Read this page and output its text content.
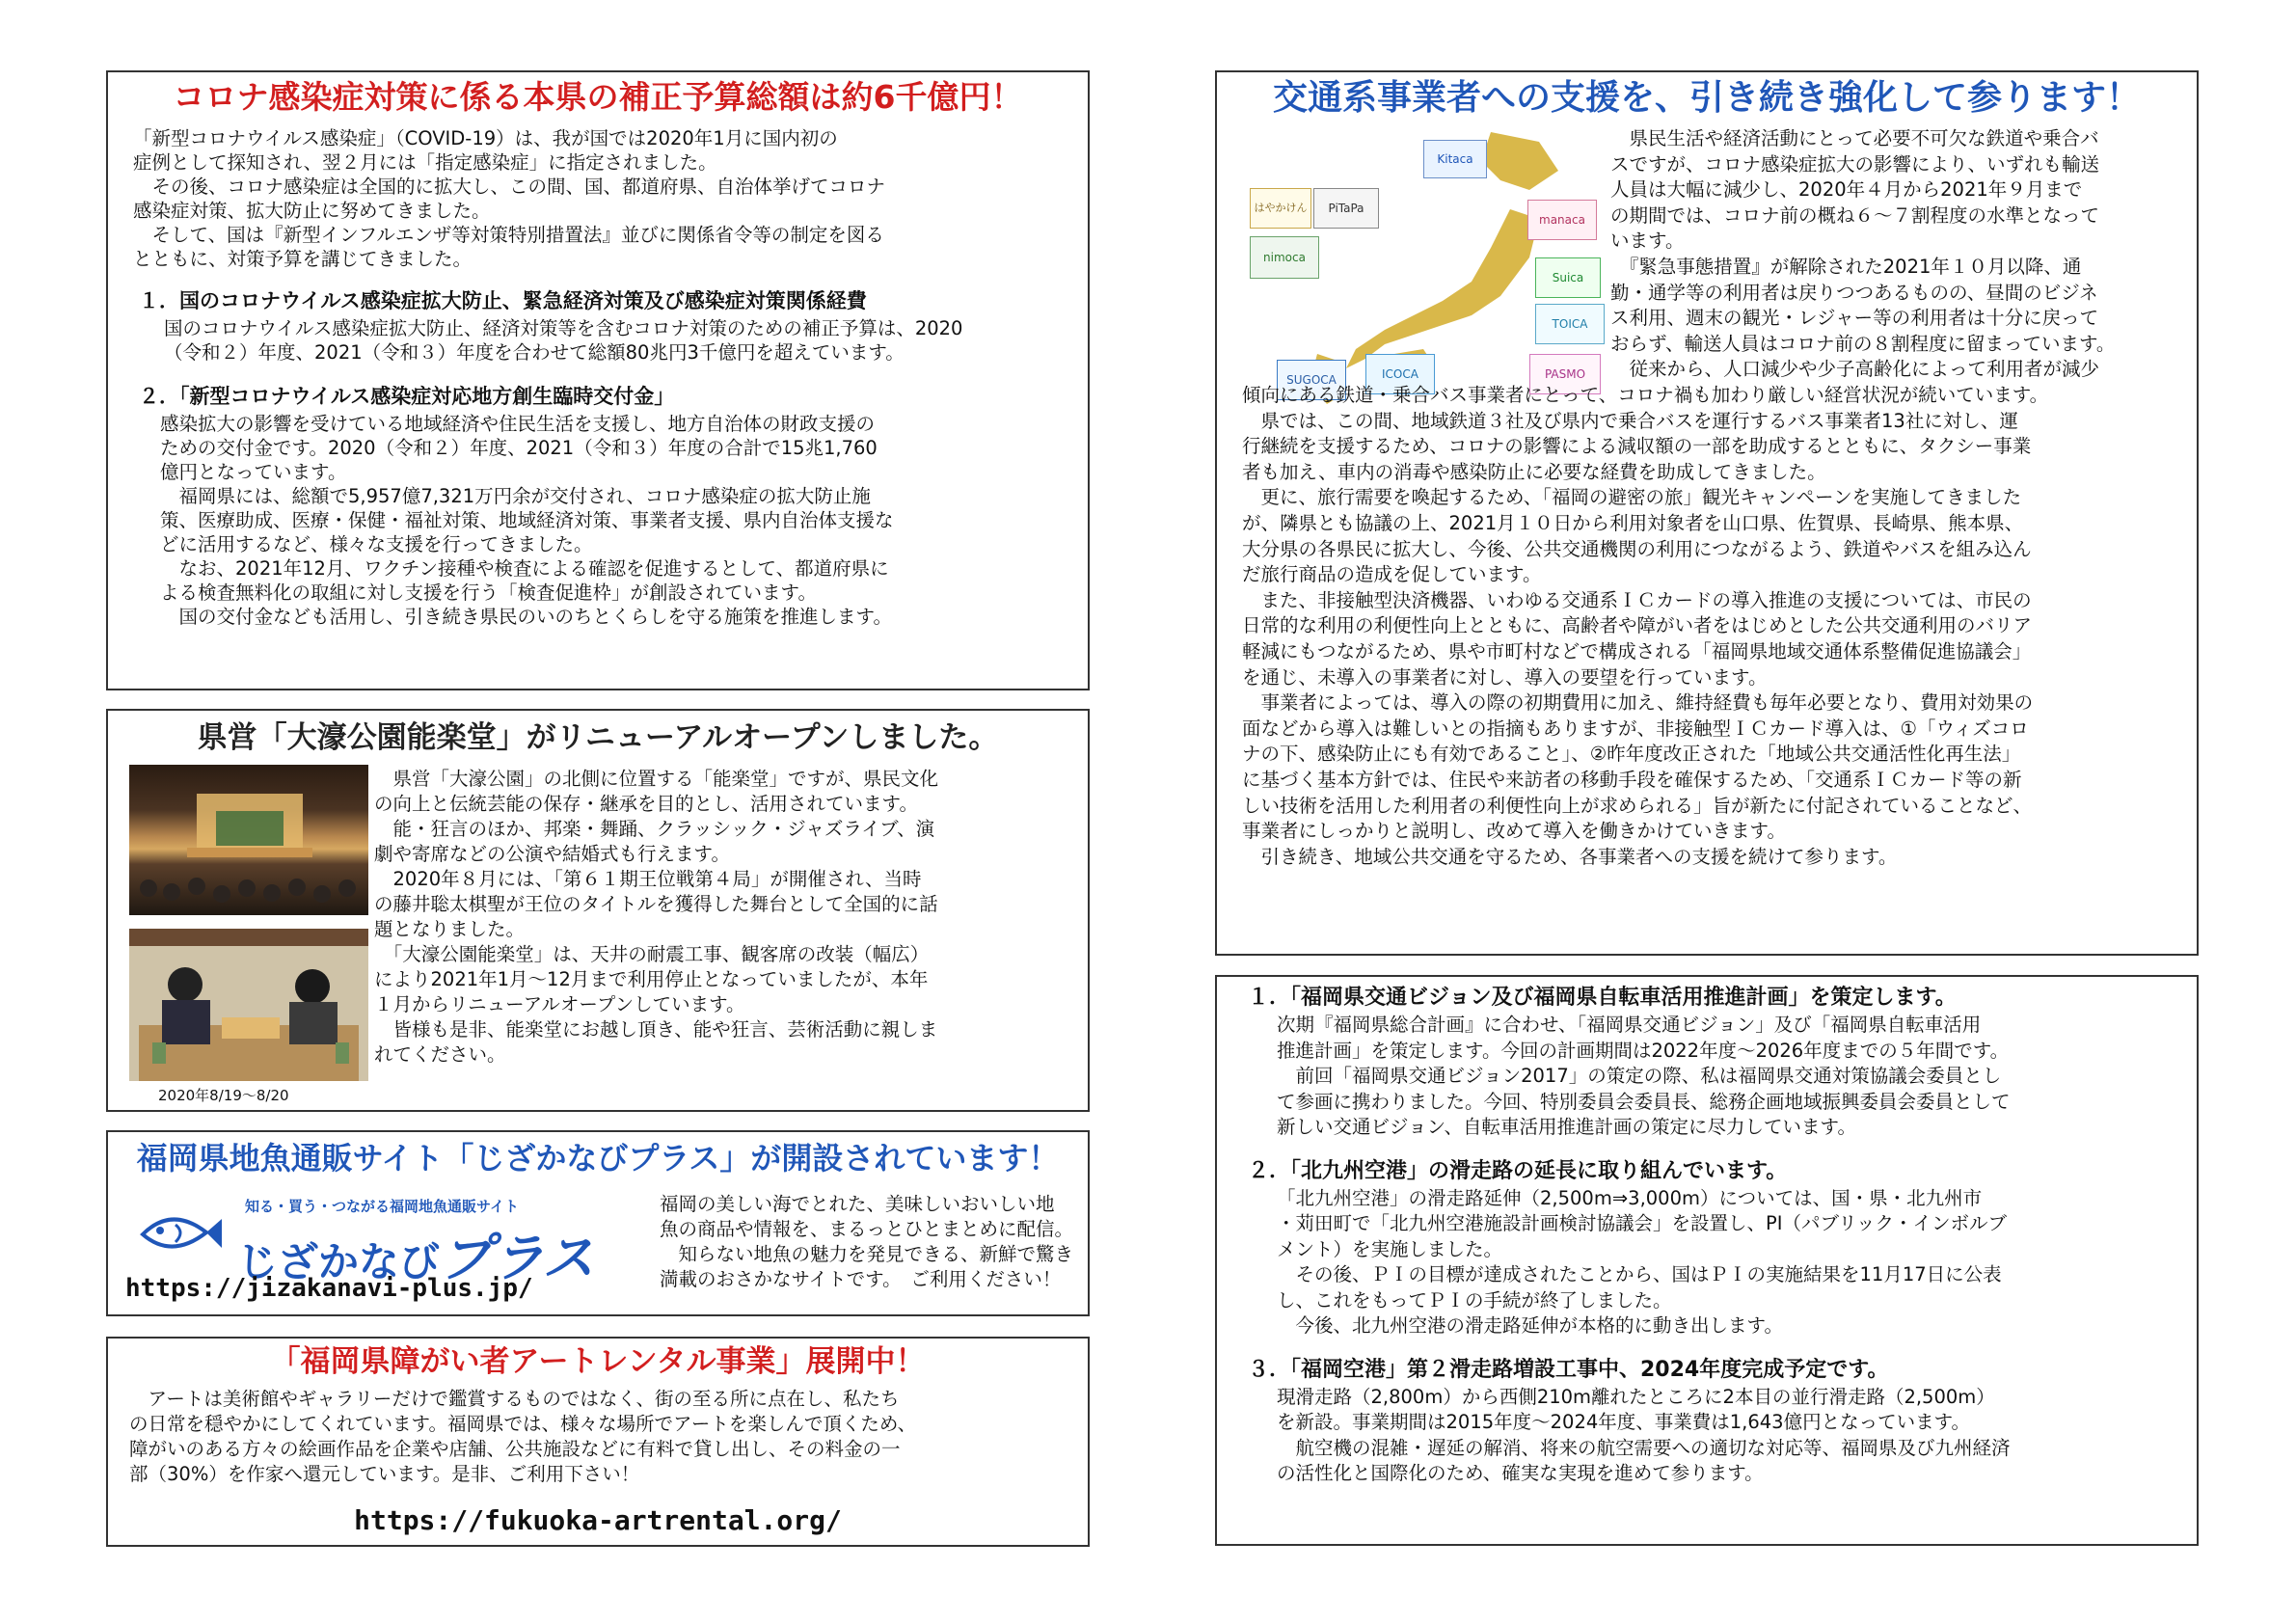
コロナ感染症対策に係る本県の補正予算総額は約6千億円！

「新型コロナウイルス感染症」（COVID-19）は、我が国では2020年1月に国内初の
症例として探知され、翌２月には「指定感染症」に指定されました。
　その後、コロナ感染症は全国的に拡大し、この間、国、都道府県、自治体挙げてコロナ
感染症対策、拡大防止に努めてきました。
　そして、国は『新型インフルエンザ等対策特別措置法』並びに関係省令等の制定を図る
とともに、対策予算を講じてきました。

１．国のコロナウイルス感染症拡大防止、緊急経済対策及び感染症対策関係経費

国のコロナウイルス感染症拡大防止、経済対策等を含むコロナ対策のための補正予算は、2020
（令和２）年度、2021（令和３）年度を合わせて総額80兆円3千億円を超えています。

２．「新型コロナウイルス感染症対応地方創生臨時交付金」

感染拡大の影響を受けている地域経済や住民生活を支援し、地方自治体の財政支援の
ための交付金です。2020（令和２）年度、2021（令和３）年度の合計で15兆1,760
億円となっています。
　福岡県には、総額で5,957億7,321万円余が交付され、コロナ感染症の拡大防止施
策、医療助成、医療・保健・福祉対策、地域経済対策、事業者支援、県内自治体支援な
どに活用するなど、様々な支援を行ってきました。
　なお、2021年12月、ワクチン接種や検査による確認を促進するとして、都道府県に
よる検査無料化の取組に対し支援を行う「検査促進枠」が創設されています。
　国の交付金なども活用し、引き続き県民のいのちとくらしを守る施策を推進します。

県営「大濠公園能楽堂」がリニューアルオープンしました。
2020年8/19～8/20

　県営「大濠公園」の北側に位置する「能楽堂」ですが、県民文化
の向上と伝統芸能の保存・継承を目的とし、活用されています。
　能・狂言のほか、邦楽・舞踊、クラッシック・ジャズライブ、演
劇や寄席などの公演や結婚式も行えます。
　2020年８月には、「第６１期王位戦第４局」が開催され、当時
の藤井聡太棋聖が王位のタイトルを獲得した舞台として全国的に話
題となりました。
　「大濠公園能楽堂」は、天井の耐震工事、観客席の改装（幅広）
により2021年1月～12月まで利用停止となっていましたが、本年
１月からリニューアルオープンしています。
　皆様も是非、能楽堂にお越し頂き、能や狂言、芸術活動に親しま
れてください。

福岡県地魚通販サイト「じざかなびプラス」が開設されています！
知る・買う・つながる福岡地魚通販サイト
じざかなびプラス
https://jizakanavi-plus.jp/

福岡の美しい海でとれた、美味しいおいしい地
魚の商品や情報を、まるっとひとまとめに配信。
　知らない地魚の魅力を発見できる、新鮮で驚き
満載のおさかなサイトです。　ご利用ください！

「福岡県障がい者アートレンタル事業」展開中！

　アートは美術館やギャラリーだけで鑑賞するものではなく、街の至る所に点在し、私たち
の日常を穏やかにしてくれています。福岡県では、様々な場所でアートを楽しんで頂くため、
障がいのある方々の絵画作品を企業や店舗、公共施設などに有料で貸し出し、その料金の一
部（30%）を作家へ還元しています。是非、ご利用下さい！

https://fukuoka-artrental.org/
交通系事業者への支援を、引き続き強化して参ります！
Kitaca
nimoca
manaca
TOICA
ICOCA	PASMO
Suica
PiTaPa
はやかけん
SUGOCA

　県民生活や経済活動にとって必要不可欠な鉄道や乗合バ
スですが、コロナ感染症拡大の影響により、いずれも輸送
人員は大幅に減少し、2020年４月から2021年９月まで
の期間では、コロナ前の概ね６～７割程度の水準となって
います。
　『緊急事態措置』が解除された2021年１０月以降、通
勤・通学等の利用者は戻りつつあるものの、昼間のビジネ
ス利用、週末の観光・レジャー等の利用者は十分に戻って
おらず、輸送人員はコロナ前の８割程度に留まっています。
　従来から、人口減少や少子高齢化によって利用者が減少

傾向にある鉄道・乗合バス事業者にとって、コロナ禍も加わり厳しい経営状況が続いています。
　県では、この間、地域鉄道３社及び県内で乗合バスを運行するバス事業者13社に対し、運
行継続を支援するため、コロナの影響による減収額の一部を助成するとともに、タクシー事業
者も加え、車内の消毒や感染防止に必要な経費を助成してきました。
　更に、旅行需要を喚起するため、「福岡の避密の旅」観光キャンペーンを実施してきました
が、隣県とも協議の上、2021月１０日から利用対象者を山口県、佐賀県、長崎県、熊本県、
大分県の各県民に拡大し、今後、公共交通機関の利用につながるよう、鉄道やバスを組み込ん
だ旅行商品の造成を促しています。
　また、非接触型決済機器、いわゆる交通系ＩＣカードの導入推進の支援については、市民の
日常的な利用の利便性向上とともに、高齢者や障がい者をはじめとした公共交通利用のバリア
軽減にもつながるため、県や市町村などで構成される「福岡県地域交通体系整備促進協議会」
を通じ、未導入の事業者に対し、導入の要望を行っています。
　事業者によっては、導入の際の初期費用に加え、維持経費も毎年必要となり、費用対効果の
面などから導入は難しいとの指摘もありますが、非接触型ＩＣカード導入は、①「ウィズコロ
ナの下、感染防止にも有効であること」、②昨年度改正された「地域公共交通活性化再生法」
に基づく基本方針では、住民や来訪者の移動手段を確保するため、「交通系ＩＣカード等の新
しい技術を活用した利用者の利便性向上が求められる」旨が新たに付記されていることなど、
事業者にしっかりと説明し、改めて導入を働きかけていきます。
　引き続き、地域公共交通を守るため、各事業者への支援を続けて参ります。

１．「福岡県交通ビジョン及び福岡県自転車活用推進計画」を策定します。

次期『福岡県総合計画』に合わせ、「福岡県交通ビジョン」及び「福岡県自転車活用
推進計画」を策定します。今回の計画期間は2022年度～2026年度までの５年間です。
　前回「福岡県交通ビジョン2017」の策定の際、私は福岡県交通対策協議会委員とし
て参画に携わりました。今回、特別委員会委員長、総務企画地域振興委員会委員として
新しい交通ビジョン、自転車活用推進計画の策定に尽力しています。

２．「北九州空港」の滑走路の延長に取り組んでいます。

「北九州空港」の滑走路延伸（2,500m⇒3,000m）については、国・県・北九州市
・苅田町で「北九州空港施設計画検討協議会」を設置し、PI（パブリック・インボルブ
メント）を実施しました。
　その後、ＰＩの目標が達成されたことから、国はＰＩの実施結果を11月17日に公表
し、これをもってＰＩの手続が終了しました。
　今後、北九州空港の滑走路延伸が本格的に動き出します。

３．「福岡空港」第２滑走路増設工事中、2024年度完成予定です。

現滑走路（2,800m）から西側210m離れたところに2本目の並行滑走路（2,500m）
を新設。事業期間は2015年度～2024年度、事業費は1,643億円となっています。
　航空機の混雑・遅延の解消、将来の航空需要への適切な対応等、福岡県及び九州経済
の活性化と国際化のため、確実な実現を進めて参ります。
